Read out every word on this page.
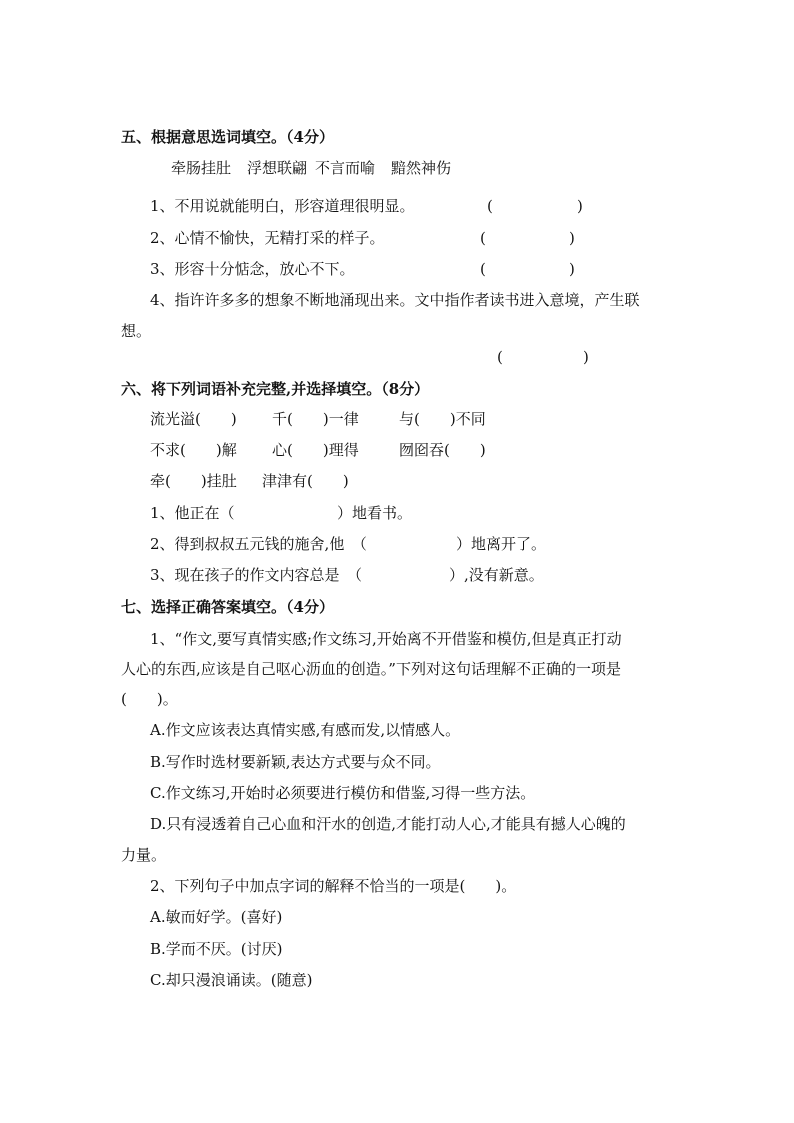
五、根据意思选词填空。（4分）
牵肠挂肚 浮想联翩 不言而喻 黯然神伤
1、不用说就能明白，形容道理很明显。	(	)
2、心情不愉快，无精打采的样子。	(	)
3、形容十分惦念，放心不下。	(	)
4、指许许多多的想象不断地涌现出来。文中指作者读书进入意境，产生联
想。
(	)
六、将下列词语补充完整,并选择填空。（8分）
流光溢(　　) 千(　　)一律	与(　　)不同
不求(　　)解 心(　　)理得	囫囵吞(　　)
牵(　　)挂肚 津津有(　　)
1、他正在（	）地看书。
2、得到叔叔五元钱的施舍,他　（	）地离开了。
3、现在孩子的作文内容总是　（	）,没有新意。
七、选择正确答案填空。（4分）
1、“作文,要写真情实感;作文练习,开始离不开借鉴和模仿,但是真正打动
人心的东西,应该是自己呕心沥血的创造。”下列对这句话理解不正确的一项是
(　　)。
A.作文应该表达真情实感,有感而发,以情感人。
B.写作时选材要新颖,表达方式要与众不同。
C.作文练习,开始时必须要进行模仿和借鉴,习得一些方法。
D.只有浸透着自己心血和汗水的创造,才能打动人心,才能具有撼人心魄的
力量。
2、下列句子中加点字词的解释不恰当的一项是(　　)。
A.敏而好学。(喜好)
B.学而不厌。(讨厌)
C.却只漫浪诵读。(随意)
